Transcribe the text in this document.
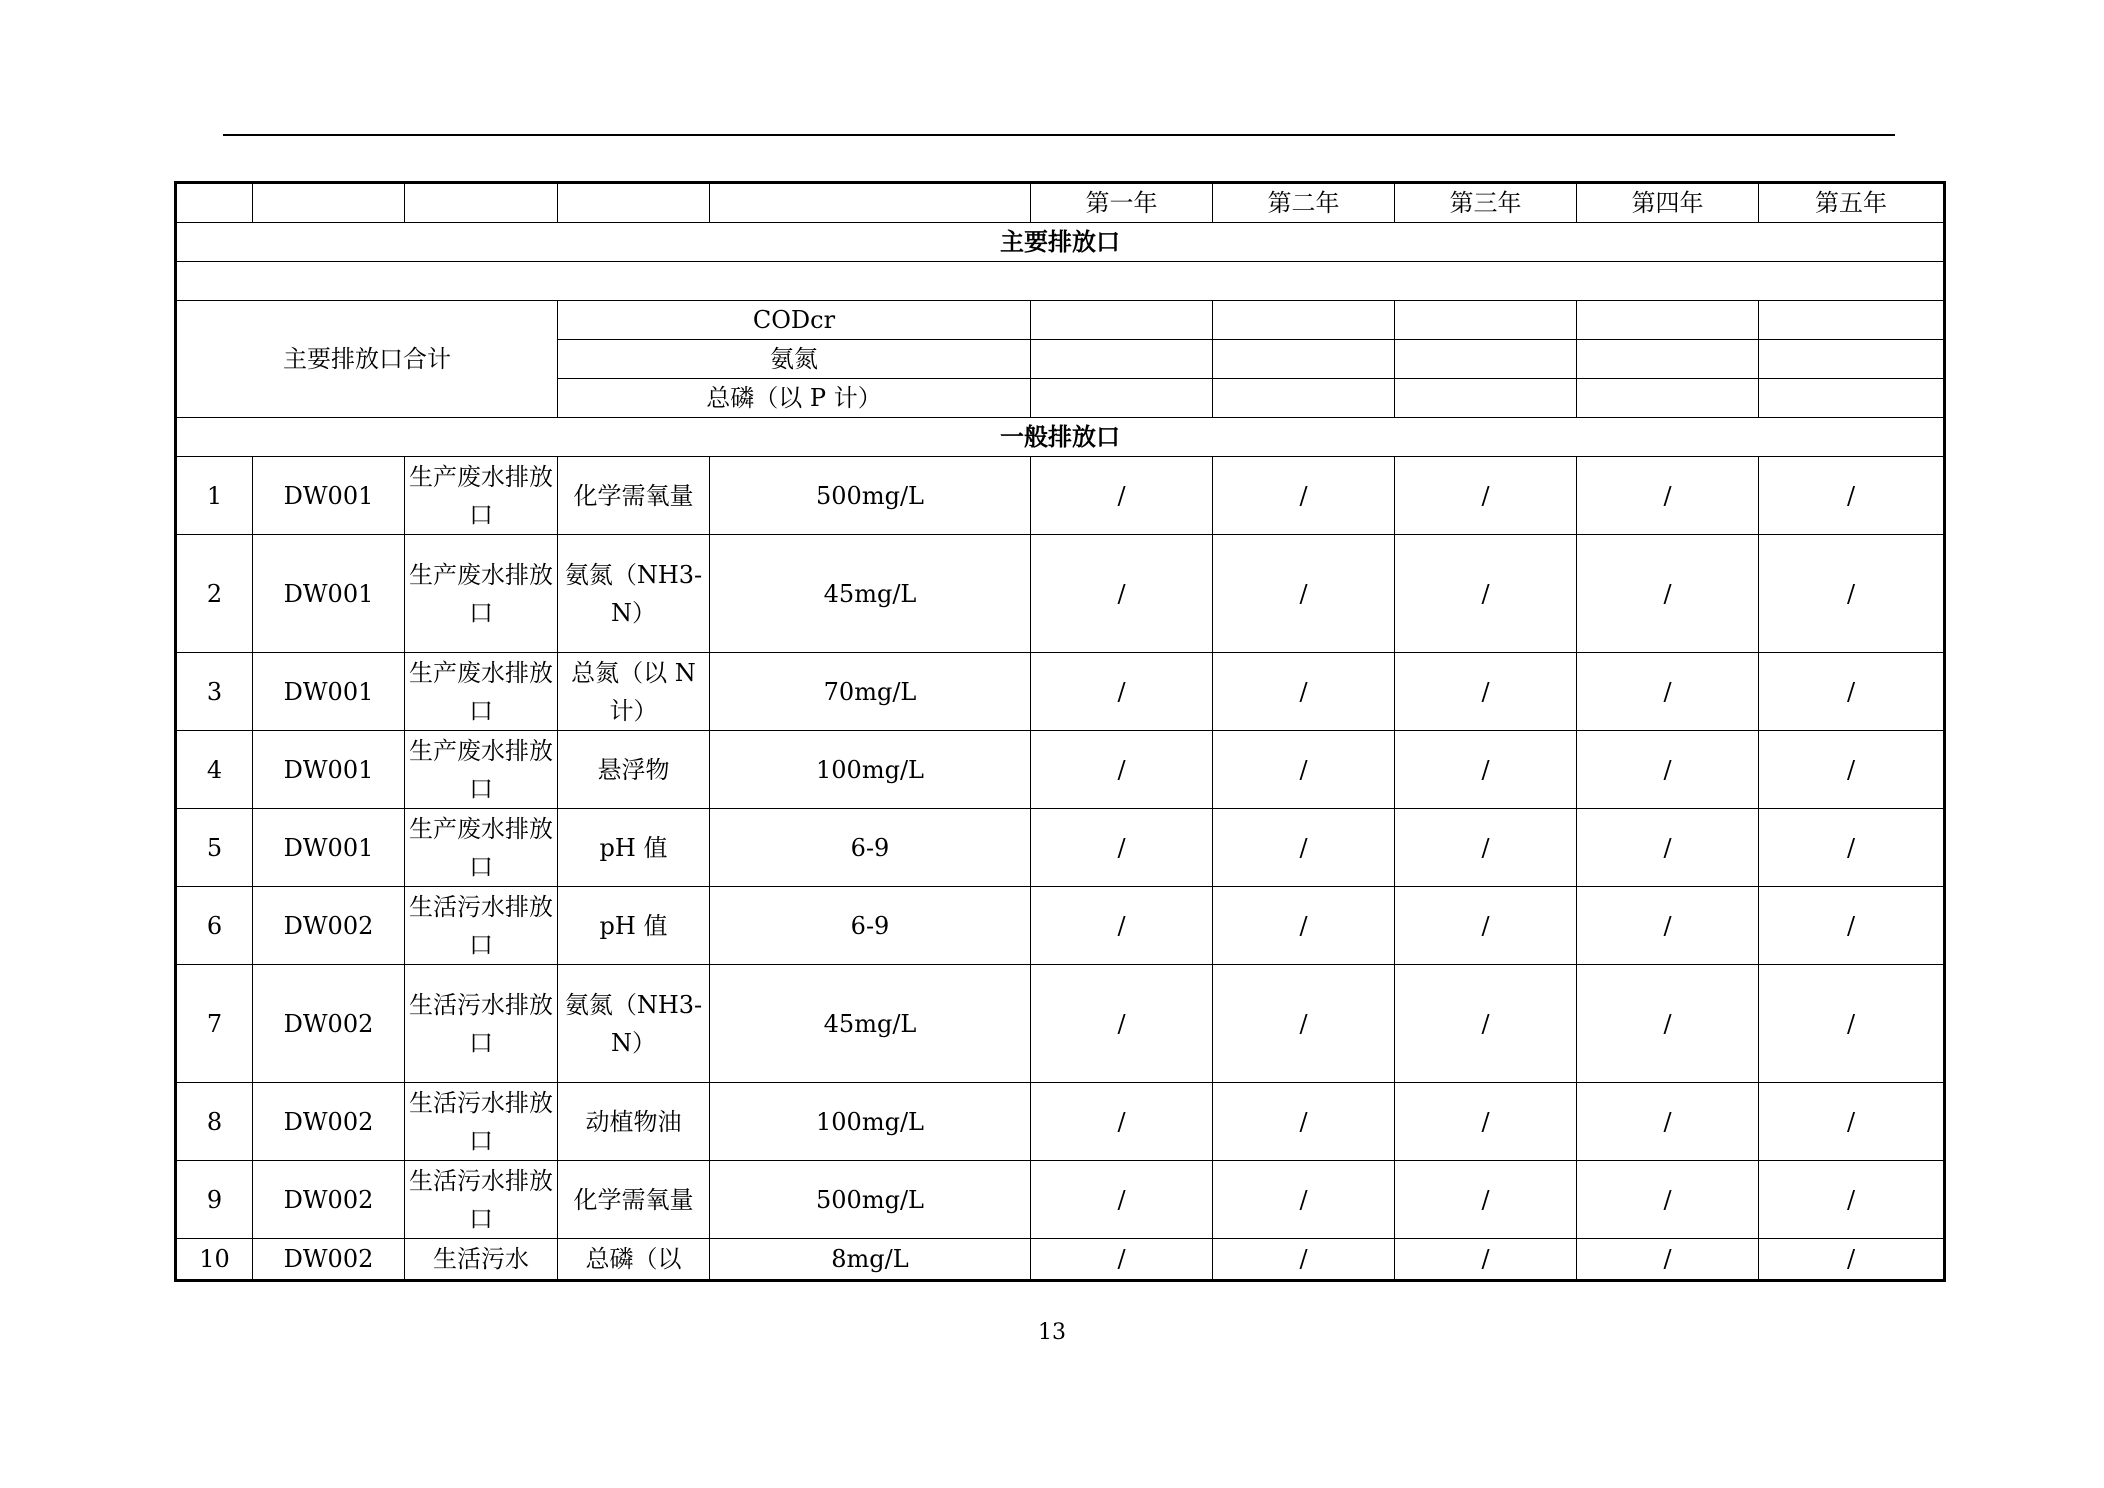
					第一年	第二年	第三年	第四年	第五年
主要排放口									

主要排放口合计			CODcr						
			氨氮						
			总磷（以 P 计）						
一般排放口									
1	DW001	生产废水排放口	化学需氧量	500mg/L	/	/	/	/	/
2	DW001	生产废水排放口	氨氮（NH3-N）	45mg/L	/	/	/	/	/
3	DW001	生产废水排放口	总氮（以 N 计）	70mg/L	/	/	/	/	/
4	DW001	生产废水排放口	悬浮物	100mg/L	/	/	/	/	/
5	DW001	生产废水排放口	pH 值	6-9	/	/	/	/	/
6	DW002	生活污水排放口	pH 值	6-9	/	/	/	/	/
7	DW002	生活污水排放口	氨氮（NH3-N）	45mg/L	/	/	/	/	/
8	DW002	生活污水排放口	动植物油	100mg/L	/	/	/	/	/
9	DW002	生活污水排放口	化学需氧量	500mg/L	/	/	/	/	/
10	DW002	生活污水	总磷（以	8mg/L	/	/	/	/	/
13
